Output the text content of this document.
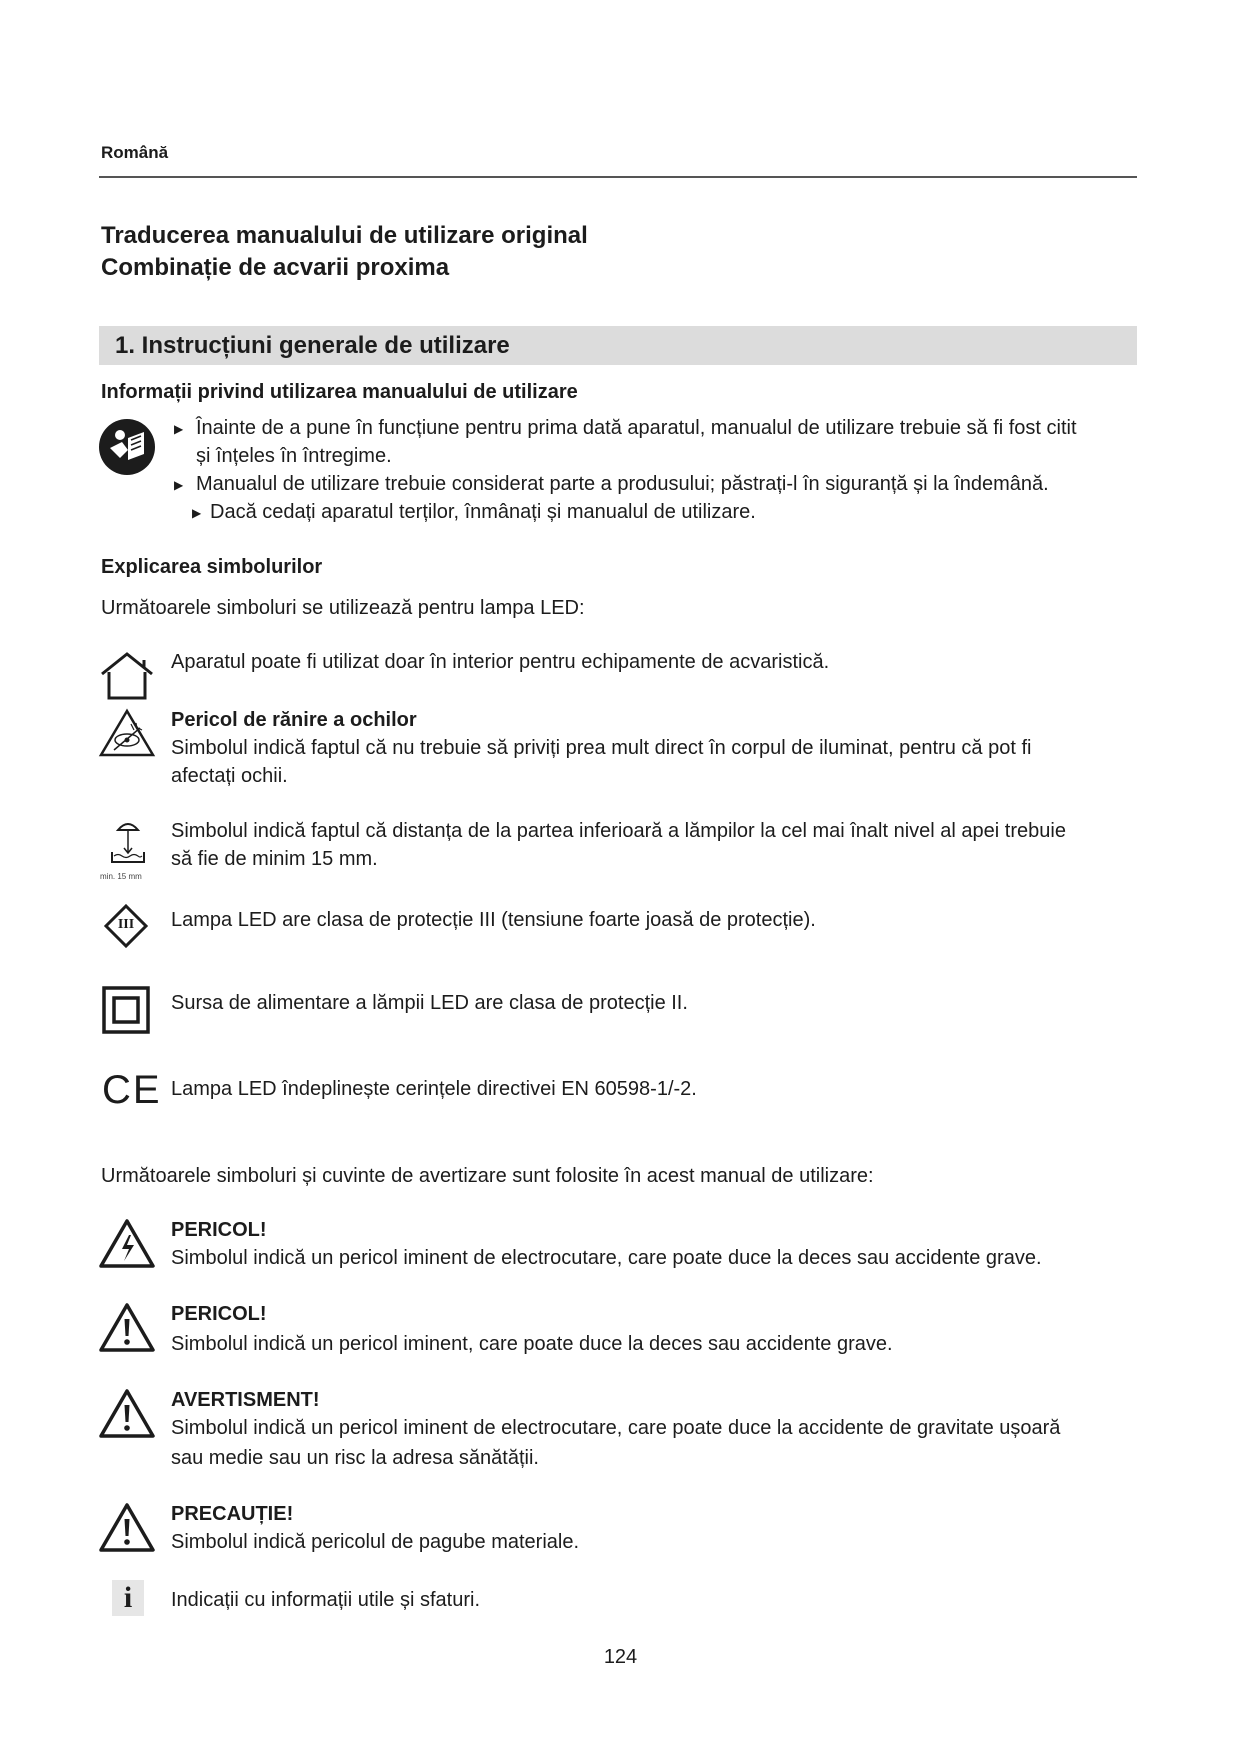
Română
Traducerea manualului de utilizare original
Combinație de acvarii proxima
1. Instrucțiuni generale de utilizare
Informații privind utilizarea manualului de utilizare
▶ Înainte de a pune în funcțiune pentru prima dată aparatul, manualul de utilizare trebuie să fi fost citit
și înțeles în întregime.
▶ Manualul de utilizare trebuie considerat parte a produsului; păstrați-l în siguranță și la îndemână.
▶ Dacă cedați aparatul terților, înmânați și manualul de utilizare.
Explicarea simbolurilor
Următoarele simboluri se utilizează pentru lampa LED:
Aparatul poate fi utilizat doar în interior pentru echipamente de acvaristică.
Pericol de rănire a ochilor
Simbolul indică faptul că nu trebuie să priviți prea mult direct în corpul de iluminat, pentru că pot fi
afectați ochii.
min. 15 mm
Simbolul indică faptul că distanța de la partea inferioară a lămpilor la cel mai înalt nivel al apei trebuie
să fie de minim 15 mm.
III	Lampa LED are clasa de protecție III (tensiune foarte joasă de protecție).
Sursa de alimentare a lămpii LED are clasa de protecție II.
CE Lampa LED îndeplinește cerințele directivei EN 60598-1/-2.
Următoarele simboluri și cuvinte de avertizare sunt folosite în acest manual de utilizare:
PERICOL!
Simbolul indică un pericol iminent de electrocutare, care poate duce la deces sau accidente grave.
PERICOL!
Simbolul indică un pericol iminent, care poate duce la deces sau accidente grave.
AVERTISMENT!
Simbolul indică un pericol iminent de electrocutare, care poate duce la accidente de gravitate ușoară
sau medie sau un risc la adresa sănătății.
PRECAUȚIE!
Simbolul indică pericolul de pagube materiale.
i	Indicații cu informații utile și sfaturi.
124
